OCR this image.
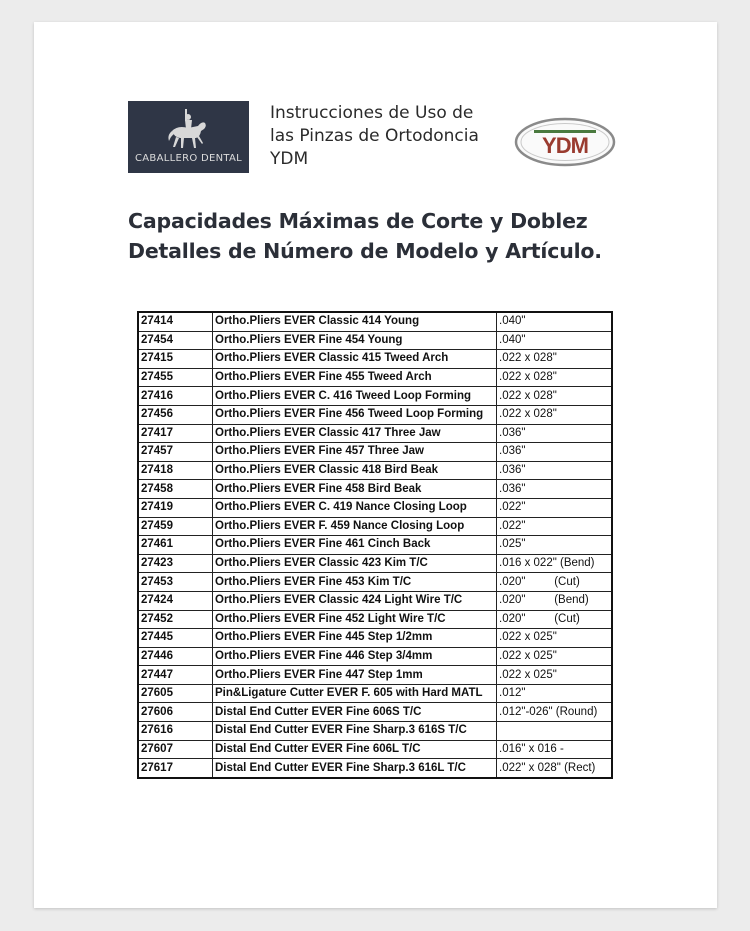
CABALLERO DENTAL
Instrucciones de Uso de
las Pinzas de Ortodoncia
YDM
YDM
Capacidades Máximas de Corte y Doblez
Detalles de Número de Modelo y Artículo.
27414	Ortho.Pliers EVER Classic 414 Young	.040"
27454	Ortho.Pliers EVER Fine 454 Young	.040"
27415	Ortho.Pliers EVER Classic 415 Tweed Arch	.022 x 028"
27455	Ortho.Pliers EVER Fine 455 Tweed Arch	.022 x 028"
27416	Ortho.Pliers EVER C. 416 Tweed Loop Forming	.022 x 028"
27456	Ortho.Pliers EVER Fine 456 Tweed Loop Forming	.022 x 028"
27417	Ortho.Pliers EVER Classic 417 Three Jaw	.036"
27457	Ortho.Pliers EVER Fine 457 Three Jaw	.036"
27418	Ortho.Pliers EVER Classic 418 Bird Beak	.036"
27458	Ortho.Pliers EVER Fine 458 Bird Beak	.036"
27419	Ortho.Pliers EVER C. 419 Nance Closing Loop	.022"
27459	Ortho.Pliers EVER F. 459 Nance Closing Loop	.022"
27461	Ortho.Pliers EVER Fine 461 Cinch Back	.025"
27423	Ortho.Pliers EVER Classic 423 Kim T/C	.016 x 022" (Bend)
27453	Ortho.Pliers EVER Fine 453 Kim T/C	.020"         (Cut)
27424	Ortho.Pliers EVER Classic 424 Light Wire T/C	.020"         (Bend)
27452	Ortho.Pliers EVER Fine 452 Light Wire T/C	.020"         (Cut)
27445	Ortho.Pliers EVER Fine 445 Step 1/2mm	.022 x 025"
27446	Ortho.Pliers EVER Fine 446 Step 3/4mm	.022 x 025"
27447	Ortho.Pliers EVER Fine 447 Step 1mm	.022 x 025"
27605	Pin&Ligature Cutter EVER F. 605 with Hard MATL	.012"
27606	Distal End Cutter EVER Fine 606S T/C	.012"-026" (Round)
27616	Distal End Cutter EVER Fine Sharp.3 616S T/C	
27607	Distal End Cutter EVER Fine 606L T/C	.016" x 016 -
27617	Distal End Cutter EVER Fine Sharp.3 616L T/C	.022" x 028" (Rect)
